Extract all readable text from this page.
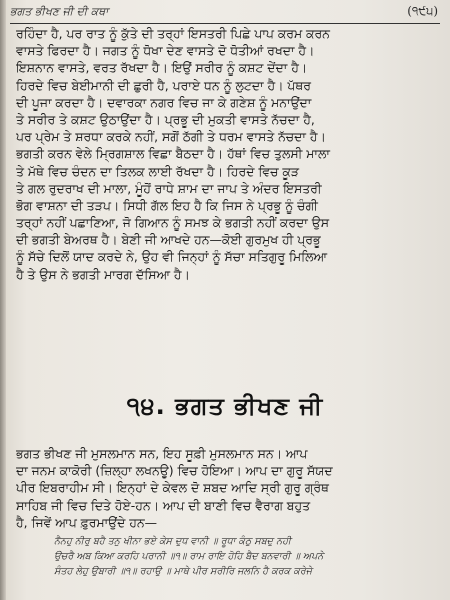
ਭਗਤ ਭੀਖਣ ਜੀ ਦੀ ਕਥਾ	(੧੯੫)
ਰਹਿੰਦਾ ਹੈ, ਪਰ ਰਾਤ ਨੂੰ ਕੁੱਤੇ ਦੀ ਤਰ੍ਹਾਂ ਇਸਤਰੀ ਪਿਛੇ ਪਾਪ ਕਰਮ ਕਰਨ
ਵਾਸਤੇ ਫਿਰਦਾ ਹੈ। ਜਗਤ ਨੂੰ ਧੋਖਾ ਦੇਣ ਵਾਸਤੇ ਦੋ ਧੋਤੀਆਂ ਰਖਦਾ ਹੈ।
ਇਸ਼ਨਾਨ ਵਾਸਤੇ, ਵਰਤ ਰੱਖਦਾ ਹੈ। ਇਉਂ ਸਰੀਰ ਨੂੰ ਕਸ਼ਟ ਦੇਂਦਾ ਹੈ।
ਹਿਰਦੇ ਵਿਚ ਬੇਈਮਾਨੀ ਦੀ ਛੁਰੀ ਹੈ, ਪਰਾਏ ਧਨ ਨੂੰ ਲੁਟਦਾ ਹੈ। ਪੱਥਰ
ਦੀ ਪੂਜਾ ਕਰਦਾ ਹੈ। ਦਵਾਰਕਾ ਨਗਰ ਵਿਚ ਜਾ ਕੇ ਗਣੇਸ਼ ਨੂੰ ਮਨਾਉਂਦਾ
ਤੇ ਸਰੀਰ ਤੇ ਕਸ਼ਟ ਉਠਾਉਂਦਾ ਹੈ। ਪ੍ਰਭੂ ਦੀ ਮੁਕਤੀ ਵਾਸਤੇ ਨੱਚਦਾ ਹੈ,
ਪਰ ਪ੍ਰੇਮ ਤੇ ਸ਼ਰਧਾ ਕਰਕੇ ਨਹੀਂ, ਸਗੋਂ ਠੱਗੀ ਤੇ ਧਰਮ ਵਾਸਤੇ ਨੱਚਦਾ ਹੈ।
ਭਗਤੀ ਕਰਨ ਵੇਲੇ ਮ੍ਰਿਗਸ਼ਾਲ ਵਿਛਾ ਬੈਠਦਾ ਹੈ। ਹੱਥਾਂ ਵਿਚ ਤੁਲਸੀ ਮਾਲਾ
ਤੇ ਮੱਥੇ ਵਿਚ ਚੰਦਨ ਦਾ ਤਿਲਕ ਲਾਈ ਰੱਖਦਾ ਹੈ। ਹਿਰਦੇ ਵਿਚ ਕੂੜ
ਤੇ ਗਲ ਰੁਦਰਾਖ ਦੀ ਮਾਲਾ, ਮੂੰਹੋਂ ਰਾਧੇ ਸ਼ਾਮ ਦਾ ਜਾਪ ਤੇ ਅੰਦਰ ਇਸਤਰੀ
ਭੋਗ ਵਾਸ਼ਨਾ ਦੀ ਤੜਪ। ਸਿਧੀ ਗੱਲ ਇਹ ਹੈ ਕਿ ਜਿਸ ਨੇ ਪ੍ਰਭੂ ਨੂੰ ਚੰਗੀ
ਤਰ੍ਹਾਂ ਨਹੀਂ ਪਛਾਣਿਆ, ਜੋ ਗਿਆਨ ਨੂੰ ਸਮਝ ਕੇ ਭਗਤੀ ਨਹੀਂ ਕਰਦਾ ਉਸ
ਦੀ ਭਗਤੀ ਬੇਅਰਥ ਹੈ। ਬੇਣੀ ਜੀ ਆਖਦੇ ਹਨ—ਕੋਈ ਗੁਰਮੁਖ ਹੀ ਪ੍ਰਭੂ
ਨੂੰ ਸੱਚੇ ਦਿਲੋਂ ਯਾਦ ਕਰਦੇ ਨੇ, ਉਹ ਵੀ ਜਿਨ੍ਹਾਂ ਨੂੰ ਸੱਚਾ ਸਤਿਗੁਰੂ ਮਿਲਿਆ
ਹੈ ਤੇ ਉਸ ਨੇ ਭਗਤੀ ਮਾਰਗ ਦੱਸਿਆ ਹੈ।
੧੪. ਭਗਤ ਭੀਖਣ ਜੀ
ਭਗਤ ਭੀਖਣ ਜੀ ਮੁਸਲਮਾਨ ਸਨ, ਇਹ ਸੂਫ਼ੀ ਮੁਸਲਮਾਨ ਸਨ। ਆਪ
ਦਾ ਜਨਮ ਕਾਕੋਰੀ (ਜ਼ਿਲ੍ਹਾ ਲਖਨਊ) ਵਿਚ ਹੋਇਆ। ਆਪ ਦਾ ਗੁਰੂ ਸੱਯਦ
ਪੀਰ ਇਬਰਾਹੀਮ ਸੀ। ਇਨ੍ਹਾਂ ਦੇ ਕੇਵਲ ਦੋ ਸ਼ਬਦ ਆਦਿ ਸ੍ਰੀ ਗੁਰੂ ਗ੍ਰੰਥ
ਸਾਹਿਬ ਜੀ ਵਿਚ ਦਿਤੇ ਹੋਏ-ਹਨ। ਆਪ ਦੀ ਬਾਣੀ ਵਿਚ ਵੈਰਾਗ ਬਹੁਤ
ਹੈ, ਜਿਵੇਂ ਆਪ ਫ਼ੁਰਮਾਉਂਦੇ ਹਨ—
ਨੈਨਹੁ ਨੀਰੁ ਬਹੈ ਤਨੁ ਖੀਨਾ ਭਏ ਕੇਸ ਦੁਧ ਵਾਨੀ ॥ ਰੂਧਾ ਕੰਠੁ ਸਬਦੁ ਨਹੀ
ਉਚਰੈ ਅਬ ਕਿਆ ਕਰਹਿ ਪਰਾਨੀ ॥੧॥ ਰਾਮ ਰਾਇ ਹੋਹਿ ਬੈਦ ਬਨਵਾਰੀ ॥ ਅਪਨੇ
ਸੰਤਹ ਲੇਹੁ ਉਬਾਰੀ ॥੧॥ ਰਹਾਉ ॥ ਮਾਥੇ ਪੀਰ ਸਰੀਰਿ ਜਲਨਿ ਹੈ ਕਰਕ ਕਰੇਜੇ
